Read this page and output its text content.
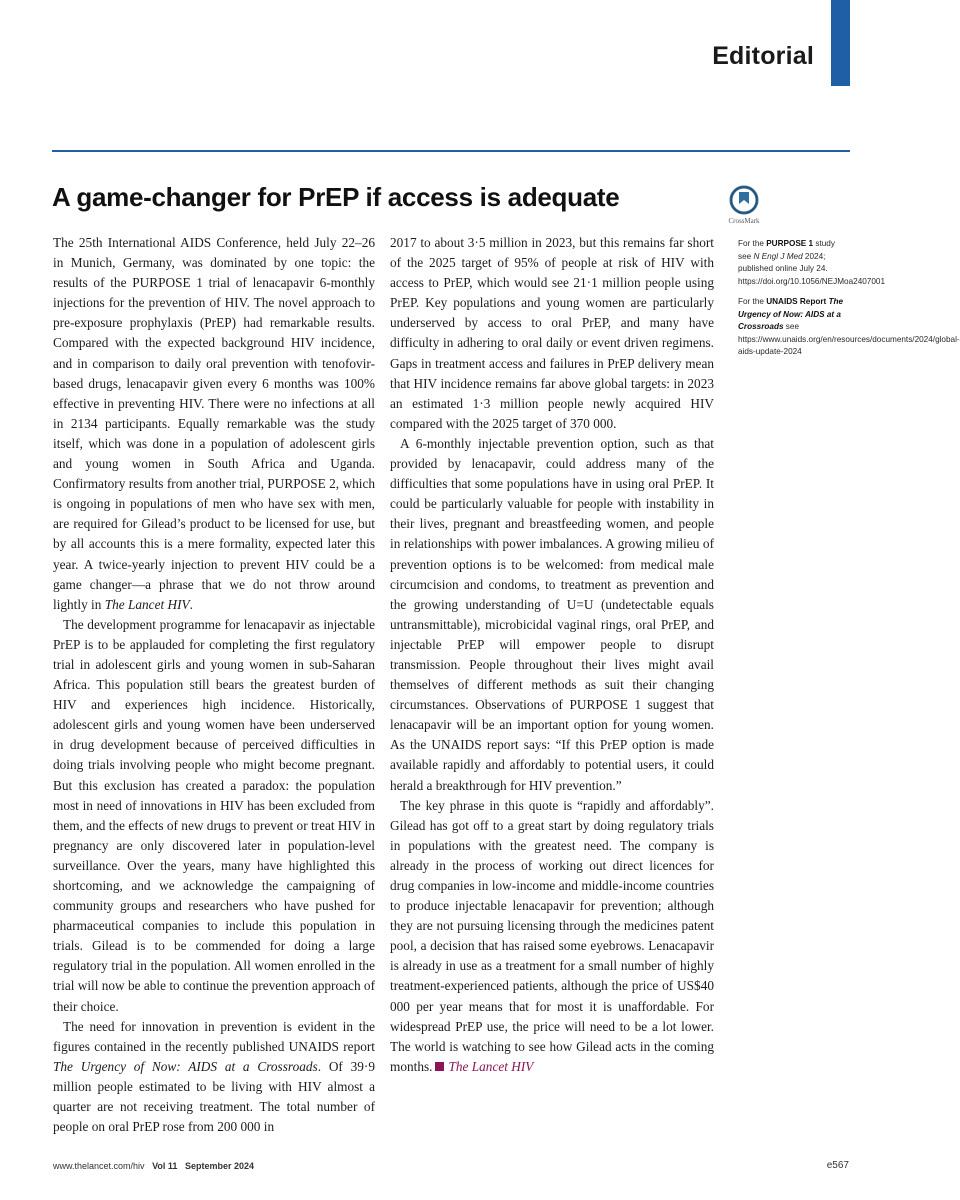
Editorial
A game-changer for PrEP if access is adequate
CrossMark

The 25th International AIDS Conference, held July 22–26 in Munich, Germany, was dominated by one topic: the results of the PURPOSE 1 trial of lenacapavir 6-monthly injections for the prevention of HIV. The novel approach to pre-exposure prophylaxis (PrEP) had remarkable results. Compared with the expected background HIV incidence, and in comparison to daily oral prevention with tenofovir-based drugs, lenacapavir given every 6 months was 100% effective in preventing HIV. There were no infections at all in 2134 participants. Equally remarkable was the study itself, which was done in a population of adolescent girls and young women in South Africa and Uganda. Confirmatory results from another trial, PURPOSE 2, which is ongoing in populations of men who have sex with men, are required for Gilead’s product to be licensed for use, but by all accounts this is a mere formality, expected later this year. A twice-yearly injection to prevent HIV could be a game changer—a phrase that we do not throw around lightly in The Lancet HIV.

The development programme for lenacapavir as injectable PrEP is to be applauded for completing the first regulatory trial in adolescent girls and young women in sub-Saharan Africa. This population still bears the greatest burden of HIV and experiences high incidence. Historically, adolescent girls and young women have been underserved in drug development because of perceived difficulties in doing trials involving people who might become pregnant. But this exclusion has created a paradox: the population most in need of innovations in HIV has been excluded from them, and the effects of new drugs to prevent or treat HIV in pregnancy are only discovered later in population-level surveillance. Over the years, many have highlighted this shortcoming, and we acknowledge the campaigning of community groups and researchers who have pushed for pharmaceutical companies to include this population in trials. Gilead is to be commended for doing a large regulatory trial in the population. All women enrolled in the trial will now be able to continue the prevention approach of their choice.

The need for innovation in prevention is evident in the figures contained in the recently published UNAIDS report The Urgency of Now: AIDS at a Crossroads. Of 39·9 million people estimated to be living with HIV almost a quarter are not receiving treatment. The total number of people on oral PrEP rose from 200 000 in

2017 to about 3·5 million in 2023, but this remains far short of the 2025 target of 95% of people at risk of HIV with access to PrEP, which would see 21·1 million people using PrEP. Key populations and young women are particularly underserved by access to oral PrEP, and many have difficulty in adhering to oral daily or event driven regimens. Gaps in treatment access and failures in PrEP delivery mean that HIV incidence remains far above global targets: in 2023 an estimated 1·3 million people newly acquired HIV compared with the 2025 target of 370 000.

A 6-monthly injectable prevention option, such as that provided by lenacapavir, could address many of the difficulties that some populations have in using oral PrEP. It could be particularly valuable for people with instability in their lives, pregnant and breastfeeding women, and people in relationships with power imbalances. A growing milieu of prevention options is to be welcomed: from medical male circumcision and condoms, to treatment as prevention and the growing understanding of U=U (undetectable equals untransmittable), microbicidal vaginal rings, oral PrEP, and injectable PrEP will empower people to disrupt transmission. People throughout their lives might avail themselves of different methods as suit their changing circumstances. Observations of PURPOSE 1 suggest that lenacapavir will be an important option for young women. As the UNAIDS report says: “If this PrEP option is made available rapidly and affordably to potential users, it could herald a breakthrough for HIV prevention.”

The key phrase in this quote is “rapidly and affordably”. Gilead has got off to a great start by doing regulatory trials in populations with the greatest need. The company is already in the process of working out direct licences for drug companies in low-income and middle-income countries to produce injectable lenacapavir for prevention; although they are not pursuing licensing through the medicines patent pool, a decision that has raised some eyebrows. Lenacapavir is already in use as a treatment for a small number of highly treatment-experienced patients, although the price of US$40 000 per year means that for most it is unaffordable. For widespread PrEP use, the price will need to be a lot lower. The world is watching to see how Gilead acts in the coming months. The Lancet HIV

For the PURPOSE 1 study see N Engl J Med 2024; published online July 24. https://doi.org/10.1056/NEJMoa2407001
For the UNAIDS Report The Urgency of Now: AIDS at a Crossroads see https://www.unaids.org/en/resources/documents/2024/global-aids-update-2024
www.thelancet.com/hiv Vol 11 September 2024	e567
